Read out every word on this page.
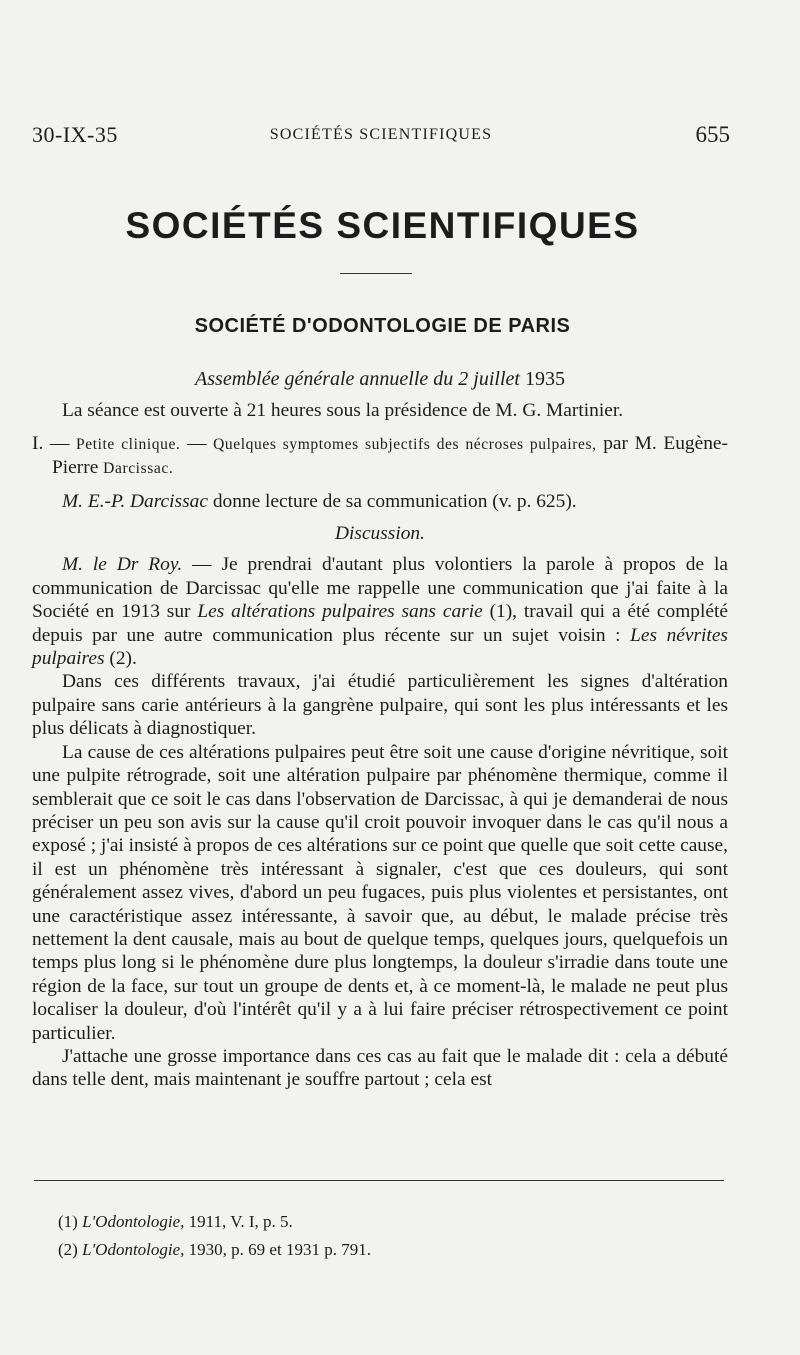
30-IX-35	SOCIÉTÉS SCIENTIFIQUES	655
SOCIÉTÉS SCIENTIFIQUES
SOCIÉTÉ D'ODONTOLOGIE DE PARIS

Assemblée générale annuelle du 2 juillet 1935

La séance est ouverte à 21 heures sous la présidence de M. G. Martinier.

I. — Petite clinique. — Quelques symptomes subjectifs des nécroses pulpaires, par M. Eugène-Pierre Darcissac.

M. E.-P. Darcissac donne lecture de sa communication (v. p. 625).

Discussion.

M. le Dr Roy. — Je prendrai d'autant plus volontiers la parole à propos de la communication de Darcissac qu'elle me rappelle une communication que j'ai faite à la Société en 1913 sur Les altérations pulpaires sans carie (1), travail qui a été complété depuis par une autre communication plus récente sur un sujet voisin : Les névrites pulpaires (2).

Dans ces différents travaux, j'ai étudié particulièrement les signes d'altération pulpaire sans carie antérieurs à la gangrène pulpaire, qui sont les plus intéressants et les plus délicats à diagnostiquer.

La cause de ces altérations pulpaires peut être soit une cause d'origine névritique, soit une pulpite rétrograde, soit une altération pulpaire par phénomène thermique, comme il semblerait que ce soit le cas dans l'observation de Darcissac, à qui je demanderai de nous préciser un peu son avis sur la cause qu'il croit pouvoir invoquer dans le cas qu'il nous a exposé ; j'ai insisté à propos de ces altérations sur ce point que quelle que soit cette cause, il est un phénomène très intéressant à signaler, c'est que ces douleurs, qui sont généralement assez vives, d'abord un peu fugaces, puis plus violentes et persistantes, ont une caractéristique assez intéressante, à savoir que, au début, le malade précise très nettement la dent causale, mais au bout de quelque temps, quelques jours, quelquefois un temps plus long si le phénomène dure plus longtemps, la douleur s'irradie dans toute une région de la face, sur tout un groupe de dents et, à ce moment-là, le malade ne peut plus localiser la douleur, d'où l'intérêt qu'il y a à lui faire préciser rétrospectivement ce point particulier.

J'attache une grosse importance dans ces cas au fait que le malade dit : cela a débuté dans telle dent, mais maintenant je souffre partout ; cela est

(1) L'Odontologie, 1911, V. I, p. 5.
(2) L'Odontologie, 1930, p. 69 et 1931 p. 791.
